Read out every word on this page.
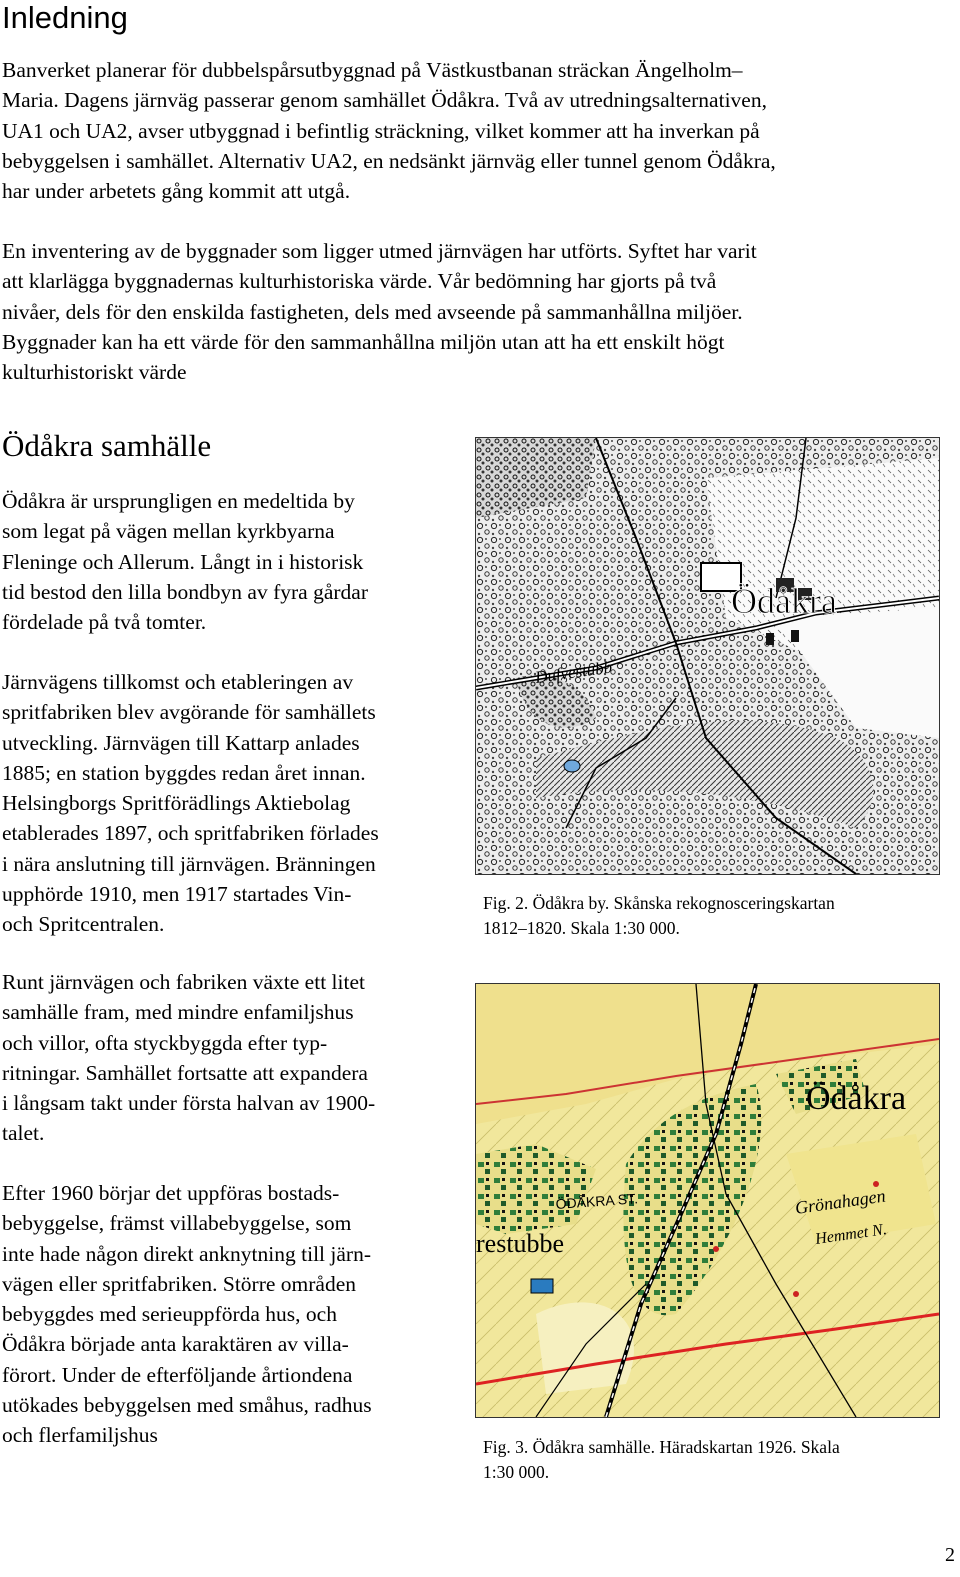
Inledning
Banverket planerar för dubbelspårsutbyggnad på Västkustbanan sträckan Ängelholm–
Maria. Dagens järnväg passerar genom samhället Ödåkra. Två av utredningsalternativen,
UA1 och UA2, avser utbyggnad i befintlig sträckning, vilket kommer att ha inverkan på
bebyggelsen i samhället. Alternativ UA2, en nedsänkt järnväg eller tunnel genom Ödåkra,
har under arbetets gång kommit att utgå.
En inventering av de byggnader som ligger utmed järnvägen har utförts. Syftet har varit
att klarlägga byggnadernas kulturhistoriska värde. Vår bedömning har gjorts på två
nivåer, dels för den enskilda fastigheten, dels med avseende på sammanhållna miljöer.
Byggnader kan ha ett värde för den sammanhållna miljön utan att ha ett enskilt högt
kulturhistoriskt värde
Ödåkra samhälle
Ödåkra är ursprungligen en medeltida by
som legat på vägen mellan kyrkbyarna
Fleninge och Allerum. Långt in i historisk
tid bestod den lilla bondbyn av fyra gårdar
fördelade på två tomter.
Järnvägens tillkomst och etableringen av
spritfabriken blev avgörande för samhällets
utveckling. Järnvägen till Kattarp anlades
1885; en station byggdes redan året innan.
Helsingborgs Spritförädlings Aktiebolag
etablerades 1897, och spritfabriken förlades
i nära anslutning till järnvägen. Bränningen
upphörde 1910, men 1917 startades Vin-
och Spritcentralen.
Runt järnvägen och fabriken växte ett litet
samhälle fram, med mindre enfamiljshus
och villor, ofta styckbyggda efter typ-
ritningar. Samhället fortsatte att expandera
i långsam takt under första halvan av 1900-
talet.
Efter 1960 börjar det uppföras bostads-
bebyggelse, främst villabebyggelse, som
inte hade någon direkt anknytning till järn-
vägen eller spritfabriken. Större områden
bebyggdes med serieuppförda hus, och
Ödåkra började anta karaktären av villa-
förort. Under de efterföljande årtiondena
utökades bebyggelsen med småhus, radhus
och flerfamiljshus
Ödåkra
Dufvestubb
Fig. 2. Ödåkra by. Skånska rekognosceringskartan
1812–1820. Skala 1:30 000.
Ödåkra
ÖDÅKRA ST.
restubbe
Grönahagen
Hemmet N.
Fig. 3. Ödåkra samhälle. Häradskartan 1926. Skala
1:30 000.
2
